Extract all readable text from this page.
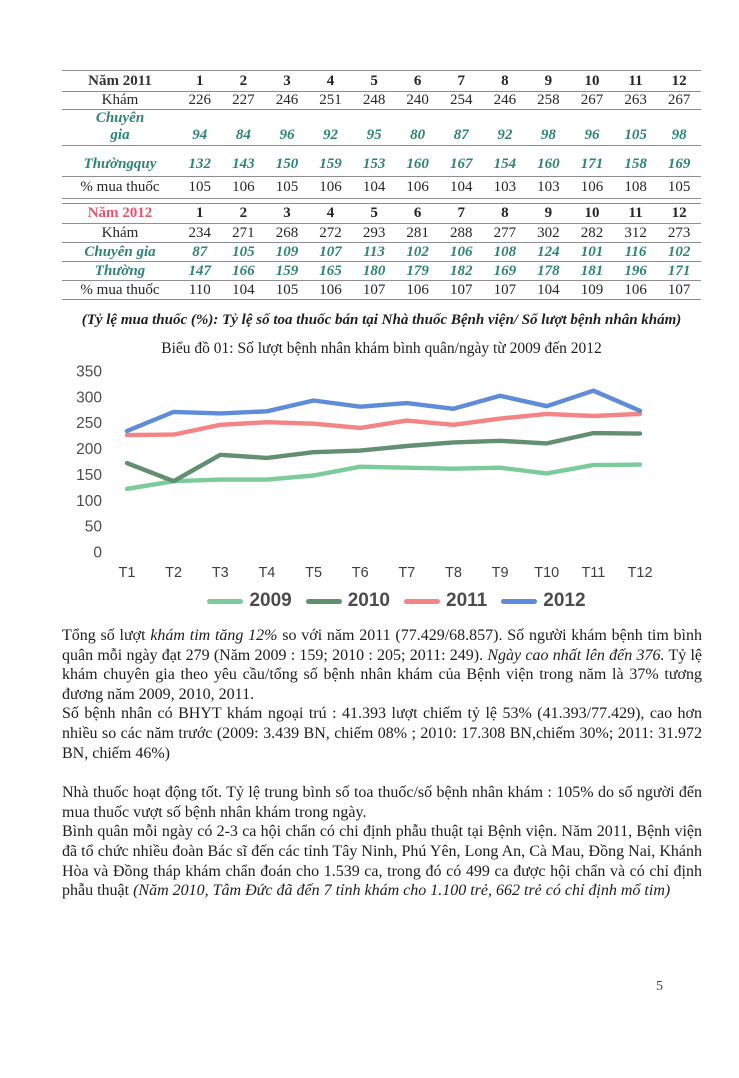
Năm 2011	1	2	3	4	5	6	7	8	9	10	11	12
Khám	226	227	246	251	248	240	254	246	258	267	263	267
Chuyên
gia	94	84	96	92	95	80	87	92	98	96	105	98
Thườngquy	132	143	150	159	153	160	167	154	160	171	158	169
% mua thuốc	105	106	105	106	104	106	104	103	103	106	108	105
Năm 2012	1	2	3	4	5	6	7	8	9	10	11	12
Khám	234	271	268	272	293	281	288	277	302	282	312	273
Chuyên gia	87	105	109	107	113	102	106	108	124	101	116	102
Thường	147	166	159	165	180	179	182	169	178	181	196	171
% mua thuốc	110	104	105	106	107	106	107	107	104	109	106	107

(Tỷ lệ mua thuốc (%): Tỷ lệ số toa thuốc bán tại Nhà thuốc Bệnh viện/ Số lượt bệnh nhân khám)

Biểu đồ 01: Số lượt bệnh nhân khám bình quân/ngày từ 2009 đến 2012

350
300
250
200
150
100
50
0
T1 T2 T3 T4 T5 T6 T7 T8 T9 T10 T11 T12
2009	2010	2011	2012

Tổng số lượt khám tim tăng 12% so với năm 2011 (77.429/68.857). Số người khám bệnh tim bình quân mỗi ngày đạt 279 (Năm 2009 : 159; 2010 : 205; 2011: 249). Ngày cao nhất lên đến 376. Tỷ lệ khám chuyên gia theo yêu cầu/tổng số bệnh nhân khám của Bệnh viện trong năm là 37% tương đương năm 2009, 2010, 2011.

Số bệnh nhân có BHYT khám ngoại trú : 41.393 lượt chiếm tỷ lệ 53% (41.393/77.429), cao hơn nhiều so các năm trước (2009: 3.439 BN, chiếm 08% ; 2010: 17.308 BN,chiếm 30%; 2011: 31.972 BN, chiếm 46%)

Nhà thuốc hoạt động tốt. Tỷ lệ trung bình số toa thuốc/số bệnh nhân khám : 105% do số người đến mua thuốc vượt số bệnh nhân khám trong ngày.

Bình quân mỗi ngày có 2-3 ca hội chẩn có chi định phẫu thuật tại Bệnh viện. Năm 2011, Bệnh viện đã tổ chức nhiều đoàn Bác sĩ đến các tỉnh Tây Ninh, Phú Yên, Long An, Cà Mau, Đồng Nai, Khánh Hòa và Đồng tháp khám chẩn đoán cho 1.539 ca, trong đó có 499 ca được hội chẩn và có chỉ định phẫu thuật (Năm 2010, Tâm Đức đã đến 7 tỉnh khám cho 1.100 trẻ, 662 trẻ có chỉ định mổ tim)

5
